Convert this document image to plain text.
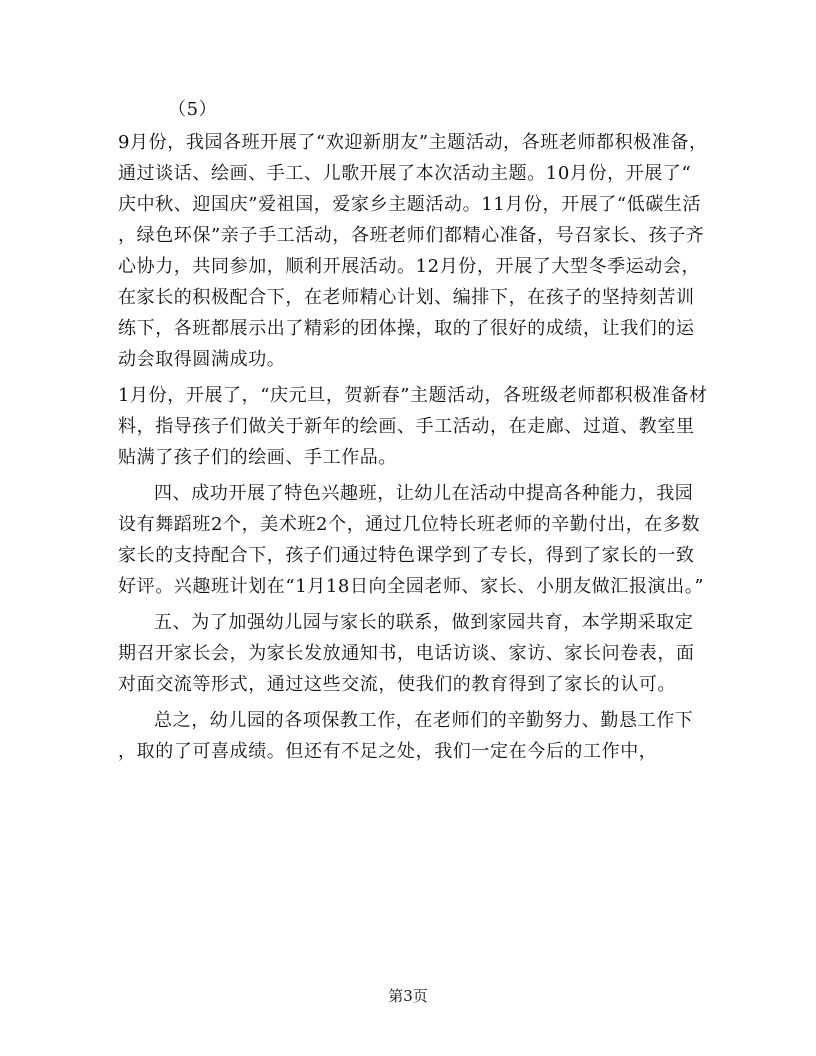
（5）

9月份，我园各班开展了“欢迎新朋友”主题活动，各班老师都积极准备，通过谈话、绘画、手工、儿歌开展了本次活动主题。10月份，开展了“庆中秋、迎国庆”爱祖国，爱家乡主题活动。11月份，开展了“低碳生活，绿色环保”亲子手工活动，各班老师们都精心准备，号召家长、孩子齐心协力，共同参加，顺利开展活动。12月份，开展了大型冬季运动会，在家长的积极配合下，在老师精心计划、编排下，在孩子的坚持刻苦训练下，各班都展示出了精彩的团体操，取的了很好的成绩，让我们的运动会取得圆满成功。

1月份，开展了，“庆元旦，贺新春”主题活动，各班级老师都积极准备材料，指导孩子们做关于新年的绘画、手工活动，在走廊、过道、教室里贴满了孩子们的绘画、手工作品。

四、成功开展了特色兴趣班，让幼儿在活动中提高各种能力，我园设有舞蹈班2个，美术班2个，通过几位特长班老师的辛勤付出，在多数家长的支持配合下，孩子们通过特色课学到了专长，得到了家长的一致好评。兴趣班计划在“1月18日向全园老师、家长、小朋友做汇报演出。”

五、为了加强幼儿园与家长的联系，做到家园共育，本学期采取定期召开家长会，为家长发放通知书，电话访谈、家访、家长问卷表，面对面交流等形式，通过这些交流，使我们的教育得到了家长的认可。

总之，幼儿园的各项保教工作，在老师们的辛勤努力、勤恳工作下，取的了可喜成绩。但还有不足之处，我们一定在今后的工作中，

第3页
